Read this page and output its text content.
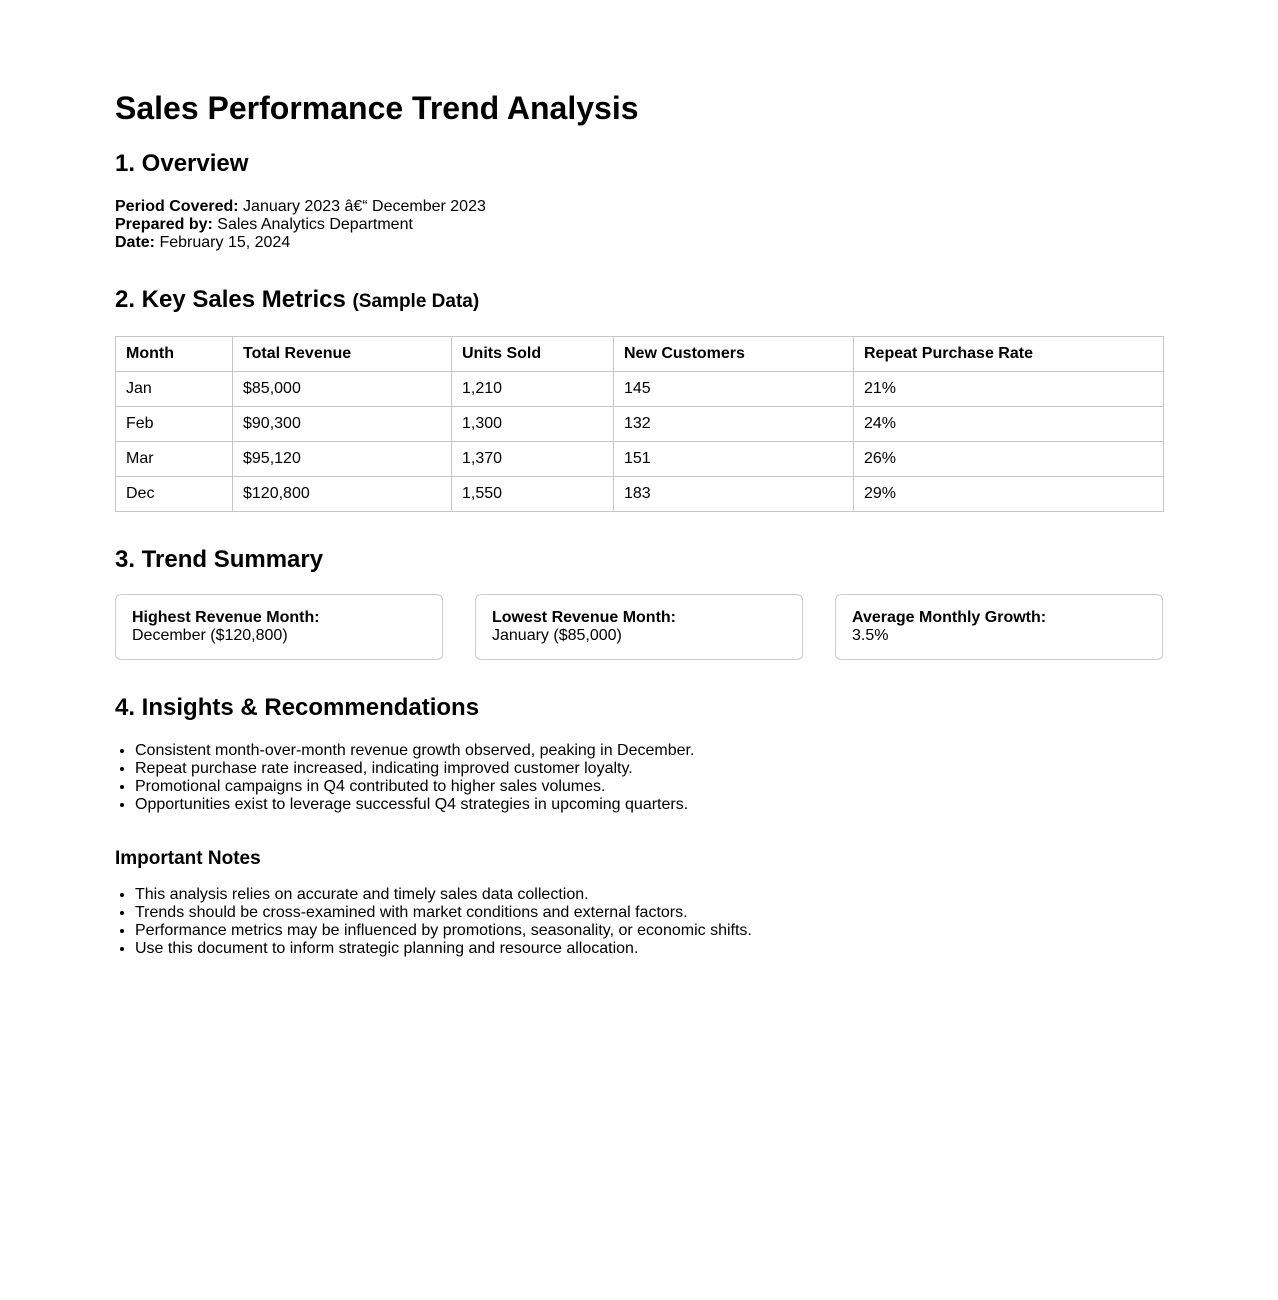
Sales Performance Trend Analysis
1. Overview
Period Covered: January 2023 â€“ December 2023
Prepared by: Sales Analytics Department
Date: February 15, 2024
2. Key Sales Metrics (Sample Data)
Month	Total Revenue	Units Sold	New Customers	Repeat Purchase Rate
Jan	$85,000	1,210	145	21%
Feb	$90,300	1,300	132	24%
Mar	$95,120	1,370	151	26%
Dec	$120,800	1,550	183	29%
3. Trend Summary
Highest Revenue Month:
December ($120,800)
Lowest Revenue Month:
January ($85,000)
Average Monthly Growth:
3.5%
4. Insights & Recommendations
• Consistent month-over-month revenue growth observed, peaking in December.
• Repeat purchase rate increased, indicating improved customer loyalty.
• Promotional campaigns in Q4 contributed to higher sales volumes.
• Opportunities exist to leverage successful Q4 strategies in upcoming quarters.
Important Notes
• This analysis relies on accurate and timely sales data collection.
• Trends should be cross-examined with market conditions and external factors.
• Performance metrics may be influenced by promotions, seasonality, or economic shifts.
• Use this document to inform strategic planning and resource allocation.
